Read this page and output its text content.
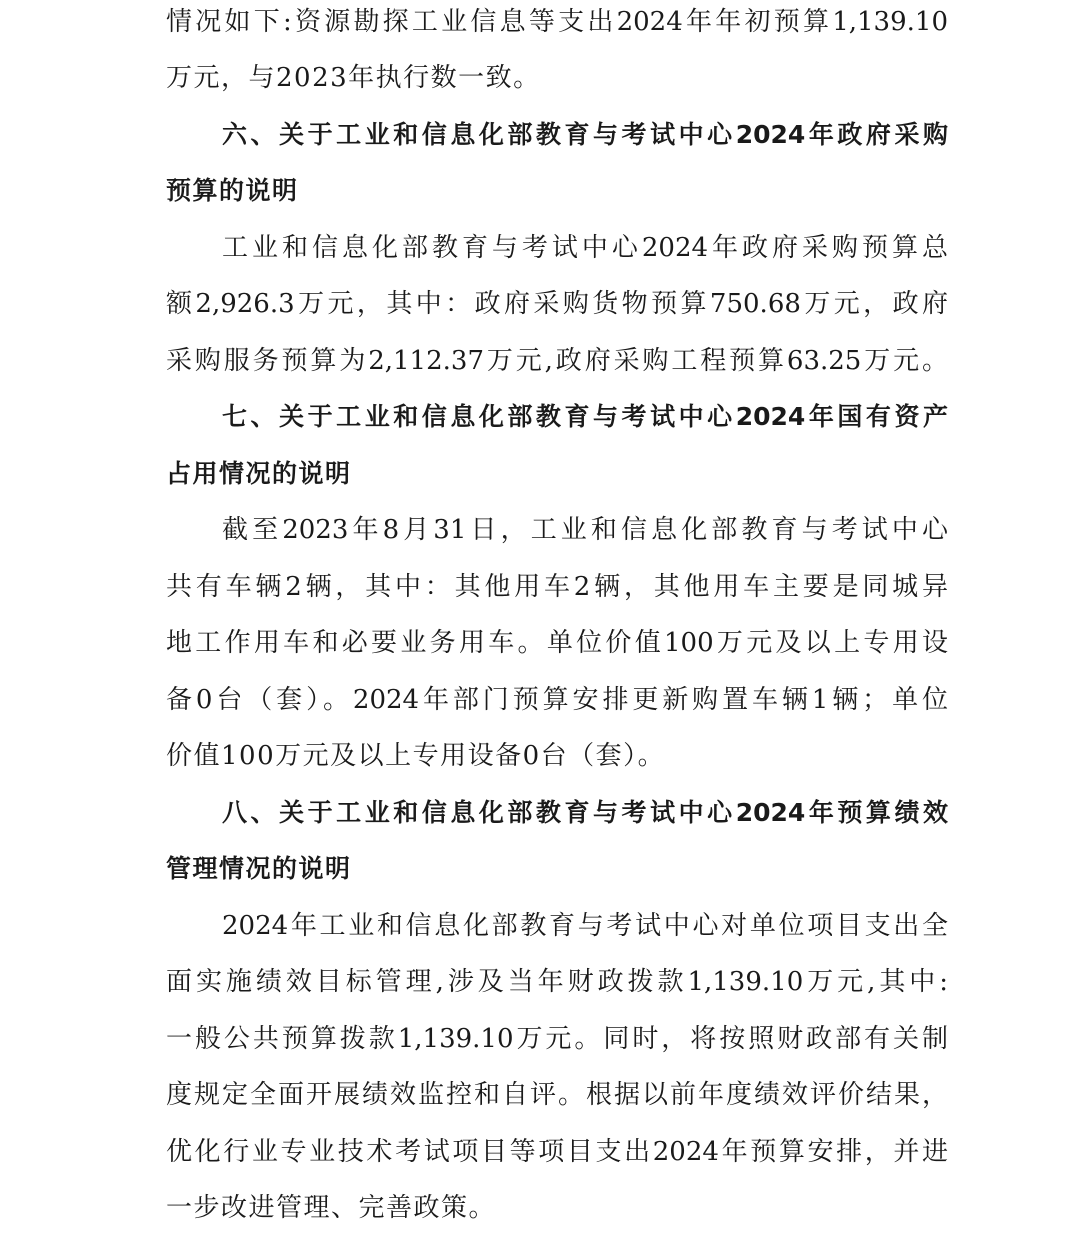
情况如下:资源勘探工业信息等支出2024年年初预算1,139.10
万元，与2023年执行数一致。
六、关于工业和信息化部教育与考试中心2024年政府采购
预算的说明
工业和信息化部教育与考试中心2024年政府采购预算总
额2,926.3万元，其中：政府采购货物预算750.68万元，政府
采购服务预算为2,112.37万元,政府采购工程预算63.25万元。
七、关于工业和信息化部教育与考试中心2024年国有资产
占用情况的说明
截至2023年8月31日，工业和信息化部教育与考试中心
共有车辆2辆，其中：其他用车2辆，其他用车主要是同城异
地工作用车和必要业务用车。单位价值100万元及以上专用设
备0台（套）。2024年部门预算安排更新购置车辆1辆；单位
价值100万元及以上专用设备0台（套）。
八、关于工业和信息化部教育与考试中心2024年预算绩效
管理情况的说明
2024年工业和信息化部教育与考试中心对单位项目支出全
面实施绩效目标管理,涉及当年财政拨款1,139.10万元,其中:
一般公共预算拨款1,139.10万元。同时，将按照财政部有关制
度规定全面开展绩效监控和自评。根据以前年度绩效评价结果，
优化行业专业技术考试项目等项目支出2024年预算安排，并进
一步改进管理、完善政策。
